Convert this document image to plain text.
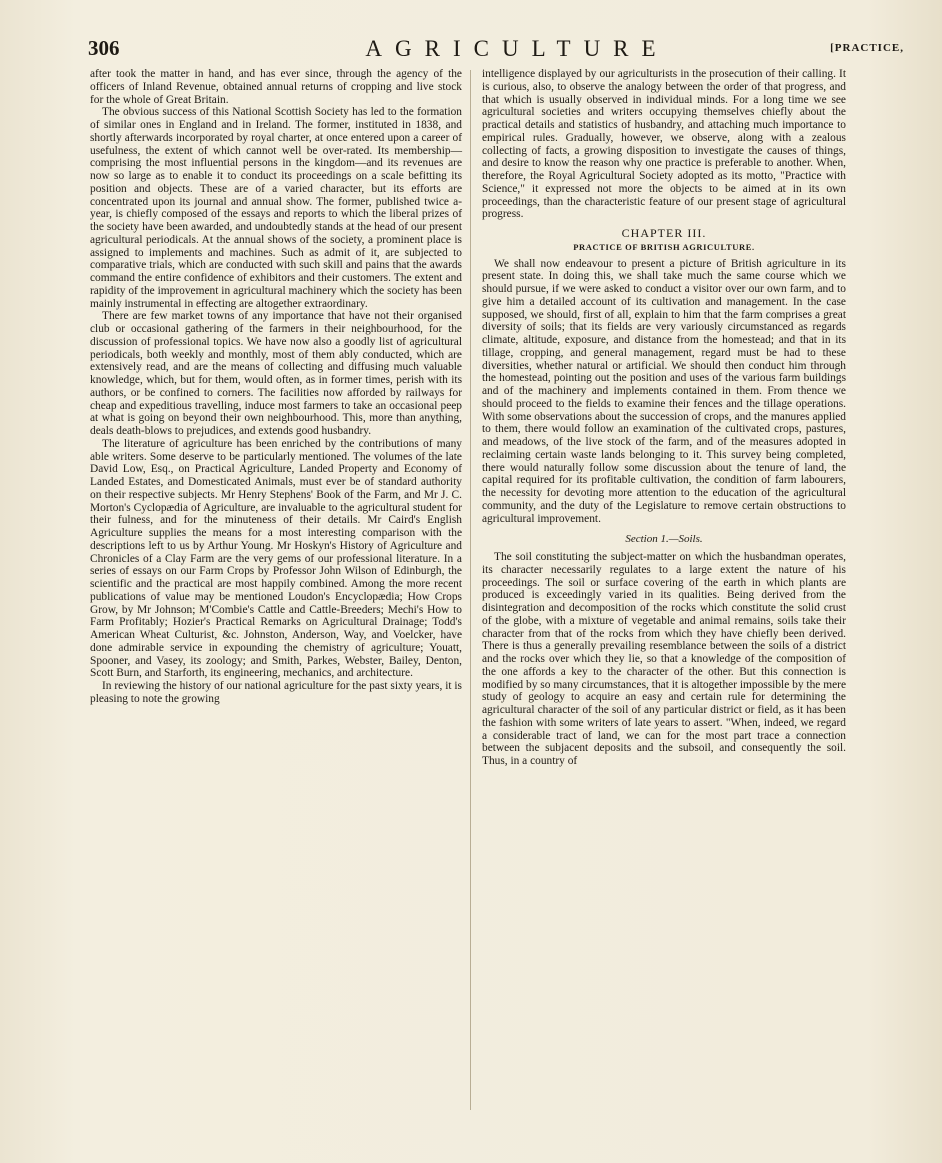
306	AGRICULTURE	[PRACTICE,

after took the matter in hand, and has ever since, through the agency of the officers of Inland Revenue, obtained annual returns of cropping and live stock for the whole of Great Britain.

The obvious success of this National Scottish Society has led to the formation of similar ones in England and in Ireland. The former, instituted in 1838, and shortly afterwards incorporated by royal charter, at once entered upon a career of usefulness, the extent of which cannot well be over-rated. Its membership—comprising the most influential persons in the kingdom—and its revenues are now so large as to enable it to conduct its proceedings on a scale befitting its position and objects. These are of a varied character, but its efforts are concentrated upon its journal and annual show. The former, published twice a-year, is chiefly composed of the essays and reports to which the liberal prizes of the society have been awarded, and undoubtedly stands at the head of our present agricultural periodicals. At the annual shows of the society, a prominent place is assigned to implements and machines. Such as admit of it, are subjected to comparative trials, which are conducted with such skill and pains that the awards command the entire confidence of exhibitors and their customers. The extent and rapidity of the improvement in agricultural machinery which the society has been mainly instrumental in effecting are altogether extraordinary.

There are few market towns of any importance that have not their organised club or occasional gathering of the farmers in their neighbourhood, for the discussion of professional topics. We have now also a goodly list of agricultural periodicals, both weekly and monthly, most of them ably conducted, which are extensively read, and are the means of collecting and diffusing much valuable knowledge, which, but for them, would often, as in former times, perish with its authors, or be confined to corners. The facilities now afforded by railways for cheap and expeditious travelling, induce most farmers to take an occasional peep at what is going on beyond their own neighbourhood. This, more than anything, deals death-blows to prejudices, and extends good husbandry.

The literature of agriculture has been enriched by the contributions of many able writers. Some deserve to be particularly mentioned. The volumes of the late David Low, Esq., on Practical Agriculture, Landed Property and Economy of Landed Estates, and Domesticated Animals, must ever be of standard authority on their respective subjects. Mr Henry Stephens' Book of the Farm, and Mr J. C. Morton's Cyclopædia of Agriculture, are invaluable to the agricultural student for their fulness, and for the minuteness of their details. Mr Caird's English Agriculture supplies the means for a most interesting comparison with the descriptions left to us by Arthur Young. Mr Hoskyn's History of Agriculture and Chronicles of a Clay Farm are the very gems of our professional literature. In a series of essays on our Farm Crops by Professor John Wilson of Edinburgh, the scientific and the practical are most happily combined. Among the more recent publications of value may be mentioned Loudon's Encyclopædia; How Crops Grow, by Mr Johnson; M'Combie's Cattle and Cattle-Breeders; Mechi's How to Farm Profitably; Hozier's Practical Remarks on Agricultural Drainage; Todd's American Wheat Culturist, &c. Johnston, Anderson, Way, and Voelcker, have done admirable service in expounding the chemistry of agriculture; Youatt, Spooner, and Vasey, its zoology; and Smith, Parkes, Webster, Bailey, Denton, Scott Burn, and Starforth, its engineering, mechanics, and architecture.

In reviewing the history of our national agriculture for the past sixty years, it is pleasing to note the growing

intelligence displayed by our agriculturists in the prosecution of their calling. It is curious, also, to observe the analogy between the order of that progress, and that which is usually observed in individual minds. For a long time we see agricultural societies and writers occupying themselves chiefly about the practical details and statistics of husbandry, and attaching much importance to empirical rules. Gradually, however, we observe, along with a zealous collecting of facts, a growing disposition to investigate the causes of things, and desire to know the reason why one practice is preferable to another. When, therefore, the Royal Agricultural Society adopted as its motto, "Practice with Science," it expressed not more the objects to be aimed at in its own proceedings, than the characteristic feature of our present stage of agricultural progress.

CHAPTER III.
PRACTICE OF BRITISH AGRICULTURE.

We shall now endeavour to present a picture of British agriculture in its present state. In doing this, we shall take much the same course which we should pursue, if we were asked to conduct a visitor over our own farm, and to give him a detailed account of its cultivation and management. In the case supposed, we should, first of all, explain to him that the farm comprises a great diversity of soils; that its fields are very variously circumstanced as regards climate, altitude, exposure, and distance from the homestead; and that in its tillage, cropping, and general management, regard must be had to these diversities, whether natural or artificial. We should then conduct him through the homestead, pointing out the position and uses of the various farm buildings and of the machinery and implements contained in them. From thence we should proceed to the fields to examine their fences and the tillage operations. With some observations about the succession of crops, and the manures applied to them, there would follow an examination of the cultivated crops, pastures, and meadows, of the live stock of the farm, and of the measures adopted in reclaiming certain waste lands belonging to it. This survey being completed, there would naturally follow some discussion about the tenure of land, the capital required for its profitable cultivation, the condition of farm labourers, the necessity for devoting more attention to the education of the agricultural community, and the duty of the Legislature to remove certain obstructions to agricultural improvement.

Section 1.—Soils.

The soil constituting the subject-matter on which the husbandman operates, its character necessarily regulates to a large extent the nature of his proceedings. The soil or surface covering of the earth in which plants are produced is exceedingly varied in its qualities. Being derived from the disintegration and decomposition of the rocks which constitute the solid crust of the globe, with a mixture of vegetable and animal remains, soils take their character from that of the rocks from which they have chiefly been derived. There is thus a generally prevailing resemblance between the soils of a district and the rocks over which they lie, so that a knowledge of the composition of the one affords a key to the character of the other. But this connection is modified by so many circumstances, that it is altogether impossible by the mere study of geology to acquire an easy and certain rule for determining the agricultural character of the soil of any particular district or field, as it has been the fashion with some writers of late years to assert. "When, indeed, we regard a considerable tract of land, we can for the most part trace a connection between the subjacent deposits and the subsoil, and consequently the soil. Thus, in a country of
